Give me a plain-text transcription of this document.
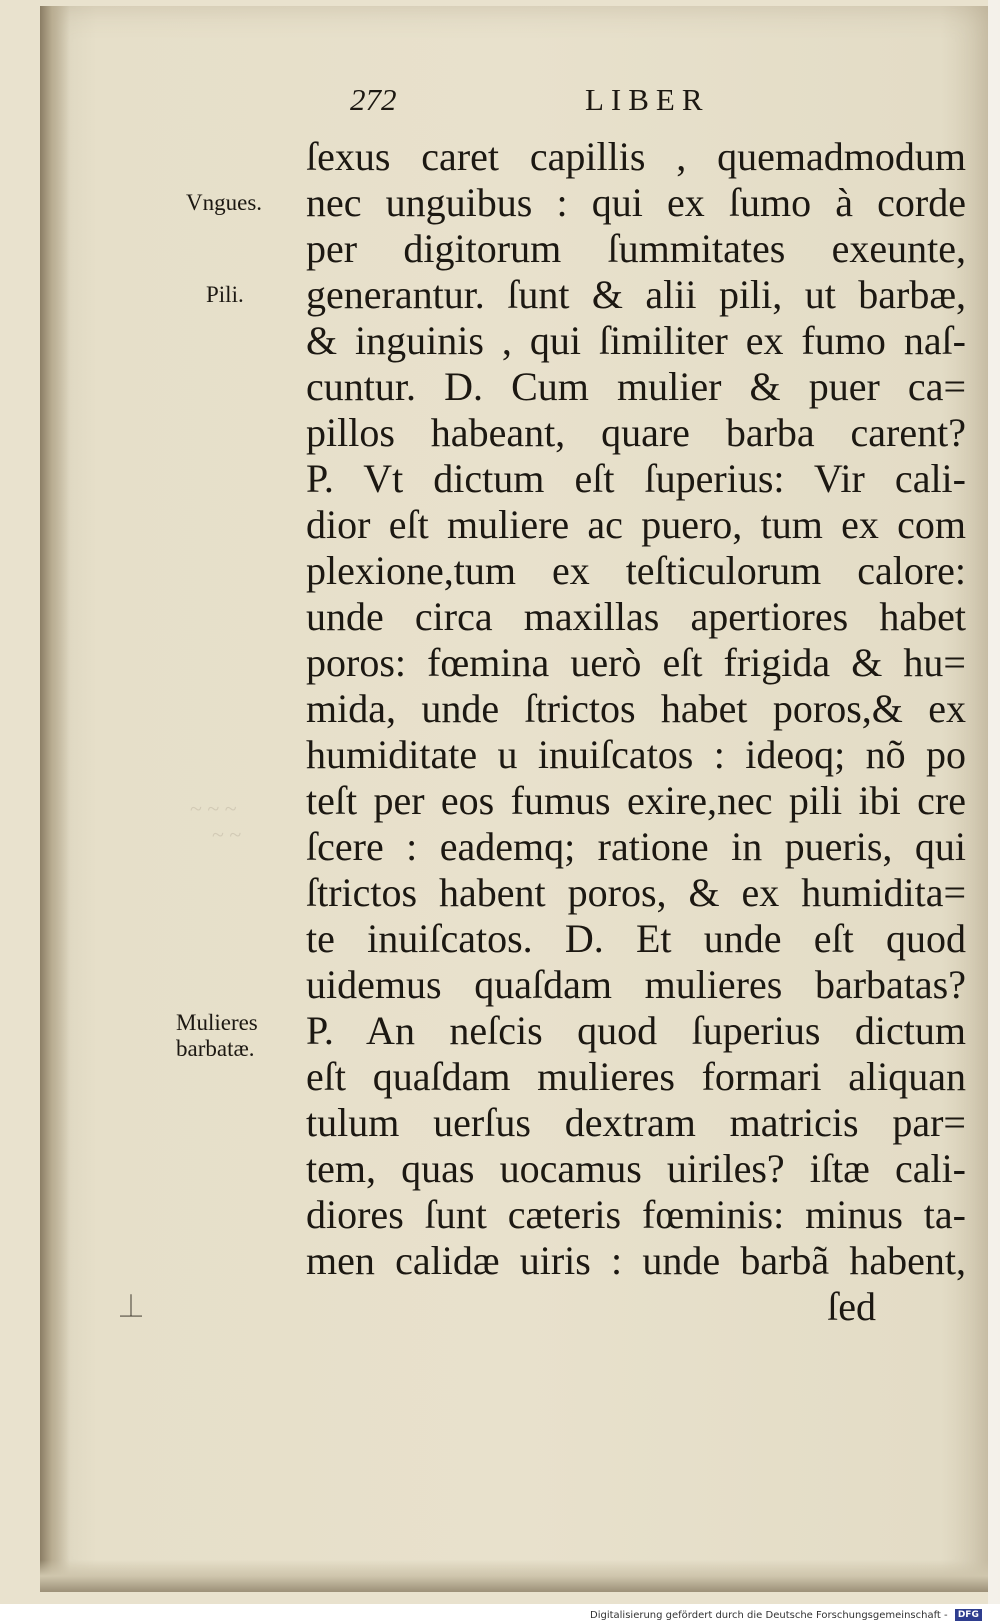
272	LIBER
Vngues.
Pili.
Mulieres
barbatæ.
~ ~ ~
~ ~
⏊
ſexus caret capillis , quemadmodum
nec unguibus : qui ex ſumo à corde
per digitorum ſummitates exeunte,
generantur. ſunt & alii pili, ut barbæ,
& inguinis , qui ſimiliter ex fumo naſ-
cuntur. D. Cum mulier & puer ca=
pillos habeant, quare barba carent?
P. Vt dictum eſt ſuperius: Vir cali-
dior eſt muliere ac puero, tum ex com
plexione,tum ex teſticulorum calore:
unde circa maxillas apertiores habet
poros: fœmina uerò eſt frigida & hu=
mida, unde ſtrictos habet poros,& ex
humiditate u inuiſcatos : ideoq; nõ po
teſt per eos fumus exire,nec pili ibi cre
ſcere : eademq; ratione in pueris, qui
ſtrictos habent poros, & ex humidita=
te inuiſcatos. D. Et unde eſt quod
uidemus quaſdam mulieres barbatas?
P. An neſcis quod ſuperius dictum
eſt quaſdam mulieres formari aliquan
tulum uerſus dextram matricis par=
tem, quas uocamus uiriles? iſtæ cali-
diores ſunt cæteris fœminis: minus ta-
men calidæ uiris : unde barbã habent,
ſed
Digitalisierung gefördert durch die Deutsche Forschungsgemeinschaft - DFG
